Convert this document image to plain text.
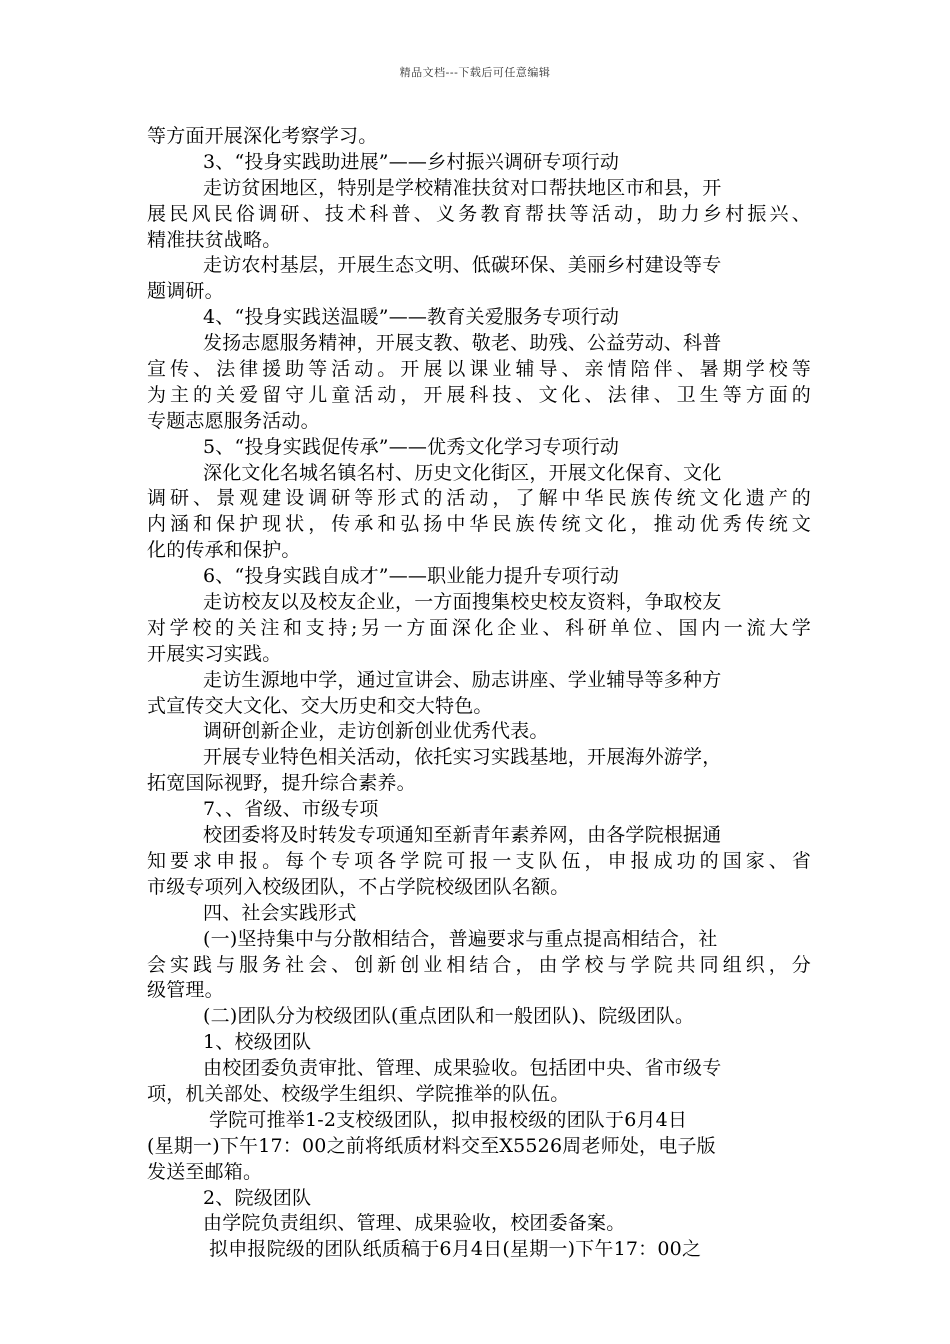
精品文档---下载后可任意编辑
等方面开展深化考察学习。
3、“投身实践助进展”——乡村振兴调研专项行动
走访贫困地区，特别是学校精准扶贫对口帮扶地区市和县，开
展民风民俗调研、技术科普、义务教育帮扶等活动，助力乡村振兴、
精准扶贫战略。
走访农村基层，开展生态文明、低碳环保、美丽乡村建设等专
题调研。
4、“投身实践送温暖”——教育关爱服务专项行动
发扬志愿服务精神，开展支教、敬老、助残、公益劳动、科普
宣传、法律援助等活动。开展以课业辅导、亲情陪伴、暑期学校等
为主的关爱留守儿童活动，开展科技、文化、法律、卫生等方面的
专题志愿服务活动。
5、“投身实践促传承”——优秀文化学习专项行动
深化文化名城名镇名村、历史文化街区，开展文化保育、文化
调研、景观建设调研等形式的活动，了解中华民族传统文化遗产的
内涵和保护现状，传承和弘扬中华民族传统文化，推动优秀传统文
化的传承和保护。
6、“投身实践自成才”——职业能力提升专项行动
走访校友以及校友企业，一方面搜集校史校友资料，争取校友
对学校的关注和支持;另一方面深化企业、科研单位、国内一流大学
开展实习实践。
走访生源地中学，通过宣讲会、励志讲座、学业辅导等多种方
式宣传交大文化、交大历史和交大特色。
调研创新企业，走访创新创业优秀代表。
开展专业特色相关活动，依托实习实践基地，开展海外游学，
拓宽国际视野，提升综合素养。
7、、省级、市级专项
校团委将及时转发专项通知至新青年素养网，由各学院根据通
知要求申报。每个专项各学院可报一支队伍，申报成功的国家、省
市级专项列入校级团队，不占学院校级团队名额。
四、社会实践形式
(一)坚持集中与分散相结合，普遍要求与重点提高相结合，社
会实践与服务社会、创新创业相结合，由学校与学院共同组织，分
级管理。
(二)团队分为校级团队(重点团队和一般团队)、院级团队。
1、校级团队
由校团委负责审批、管理、成果验收。包括团中央、省市级专
项，机关部处、校级学生组织、学院推举的队伍。
学院可推举1-2支校级团队，拟申报校级的团队于6月4日
(星期一)下午17：00之前将纸质材料交至X5526周老师处，电子版
发送至邮箱。
2、院级团队
由学院负责组织、管理、成果验收，校团委备案。
拟申报院级的团队纸质稿于6月4日(星期一)下午17：00之
